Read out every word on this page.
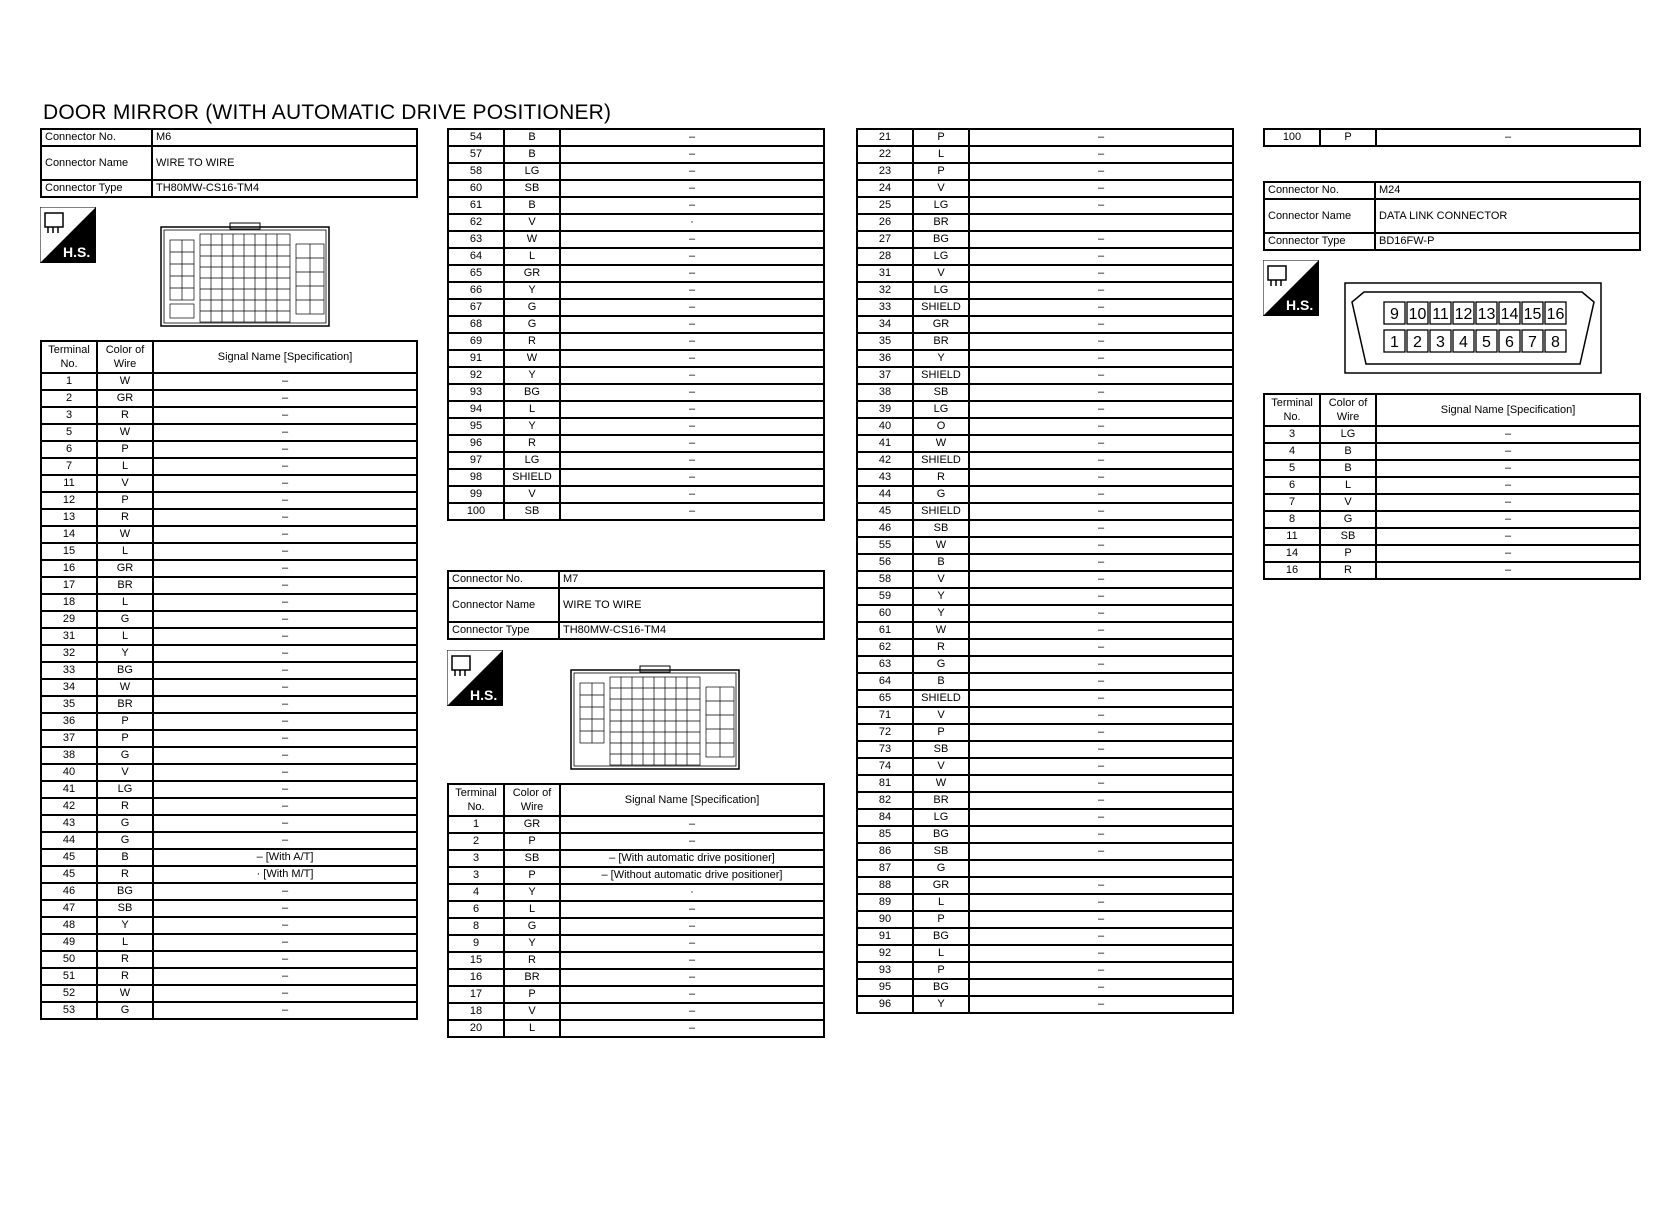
DOOR MIRROR (WITH AUTOMATIC DRIVE POSITIONER)
Connector No.	M6
Connector Name	WIRE TO WIRE
Connector Type	TH80MW-CS16-TM4
H.S.
Terminal No.	Color of Wire	Signal Name [Specification]
1	W	–
2	GR	–
3	R	–
5	W	–
6	P	–
7	L	–
11	V	–
12	P	–
13	R	–
14	W	–
15	L	–
16	GR	–
17	BR	–
18	L	–
29	G	–
31	L	–
32	Y	–
33	BG	–
34	W	–
35	BR	–
36	P	–
37	P	–
38	G	–
40	V	–
41	LG	–
42	R	–
43	G	–
44	G	–
45	B	– [With A/T]
45	R	· [With M/T]
46	BG	–
47	SB	–
48	Y	–
49	L	–
50	R	–
51	R	–
52	W	–
53	G	–
54	B	–
57	B	–
58	LG	–
60	SB	–
61	B	–
62	V	·
63	W	–
64	L	–
65	GR	–
66	Y	–
67	G	–
68	G	–
69	R	–
91	W	–
92	Y	–
93	BG	–
94	L	–
95	Y	–
96	R	–
97	LG	–
98	SHIELD	–
99	V	–
100	SB	–
Connector No.	M7
Connector Name	WIRE TO WIRE
Connector Type	TH80MW-CS16-TM4
H.S.
Terminal No.	Color of Wire	Signal Name [Specification]
1	GR	–
2	P	–
3	SB	– [With automatic drive positioner]
3	P	– [Without automatic drive positioner]
4	Y	·
6	L	–
8	G	–
9	Y	–
15	R	–
16	BR	–
17	P	–
18	V	–
20	L	–
21	P	–
22	L	–
23	P	–
24	V	–
25	LG	–
26	BR	
27	BG	–
28	LG	–
31	V	–
32	LG	–
33	SHIELD	–
34	GR	–
35	BR	–
36	Y	–
37	SHIELD	–
38	SB	–
39	LG	–
40	O	–
41	W	–
42	SHIELD	–
43	R	–
44	G	–
45	SHIELD	–
46	SB	–
55	W	–
56	B	–
58	V	–
59	Y	–
60	Y	–
61	W	–
62	R	–
63	G	–
64	B	–
65	SHIELD	–
71	V	–
72	P	–
73	SB	–
74	V	–
81	W	–
82	BR	–
84	LG	–
85	BG	–
86	SB	–
87	G	
88	GR	–
89	L	–
90	P	–
91	BG	–
92	L	–
93	P	–
95	BG	–
96	Y	–
100	P	–
Connector No.	M24
Connector Name	DATA LINK CONNECTOR
Connector Type	BD16FW-P
H.S.
9 10 11 12 13 14 15 16
1 2 3 4 5 6 7 8
Terminal No.	Color of Wire	Signal Name [Specification]
3	LG	–
4	B	–
5	B	–
6	L	–
7	V	–
8	G	–
11	SB	–
14	P	–
16	R	–
